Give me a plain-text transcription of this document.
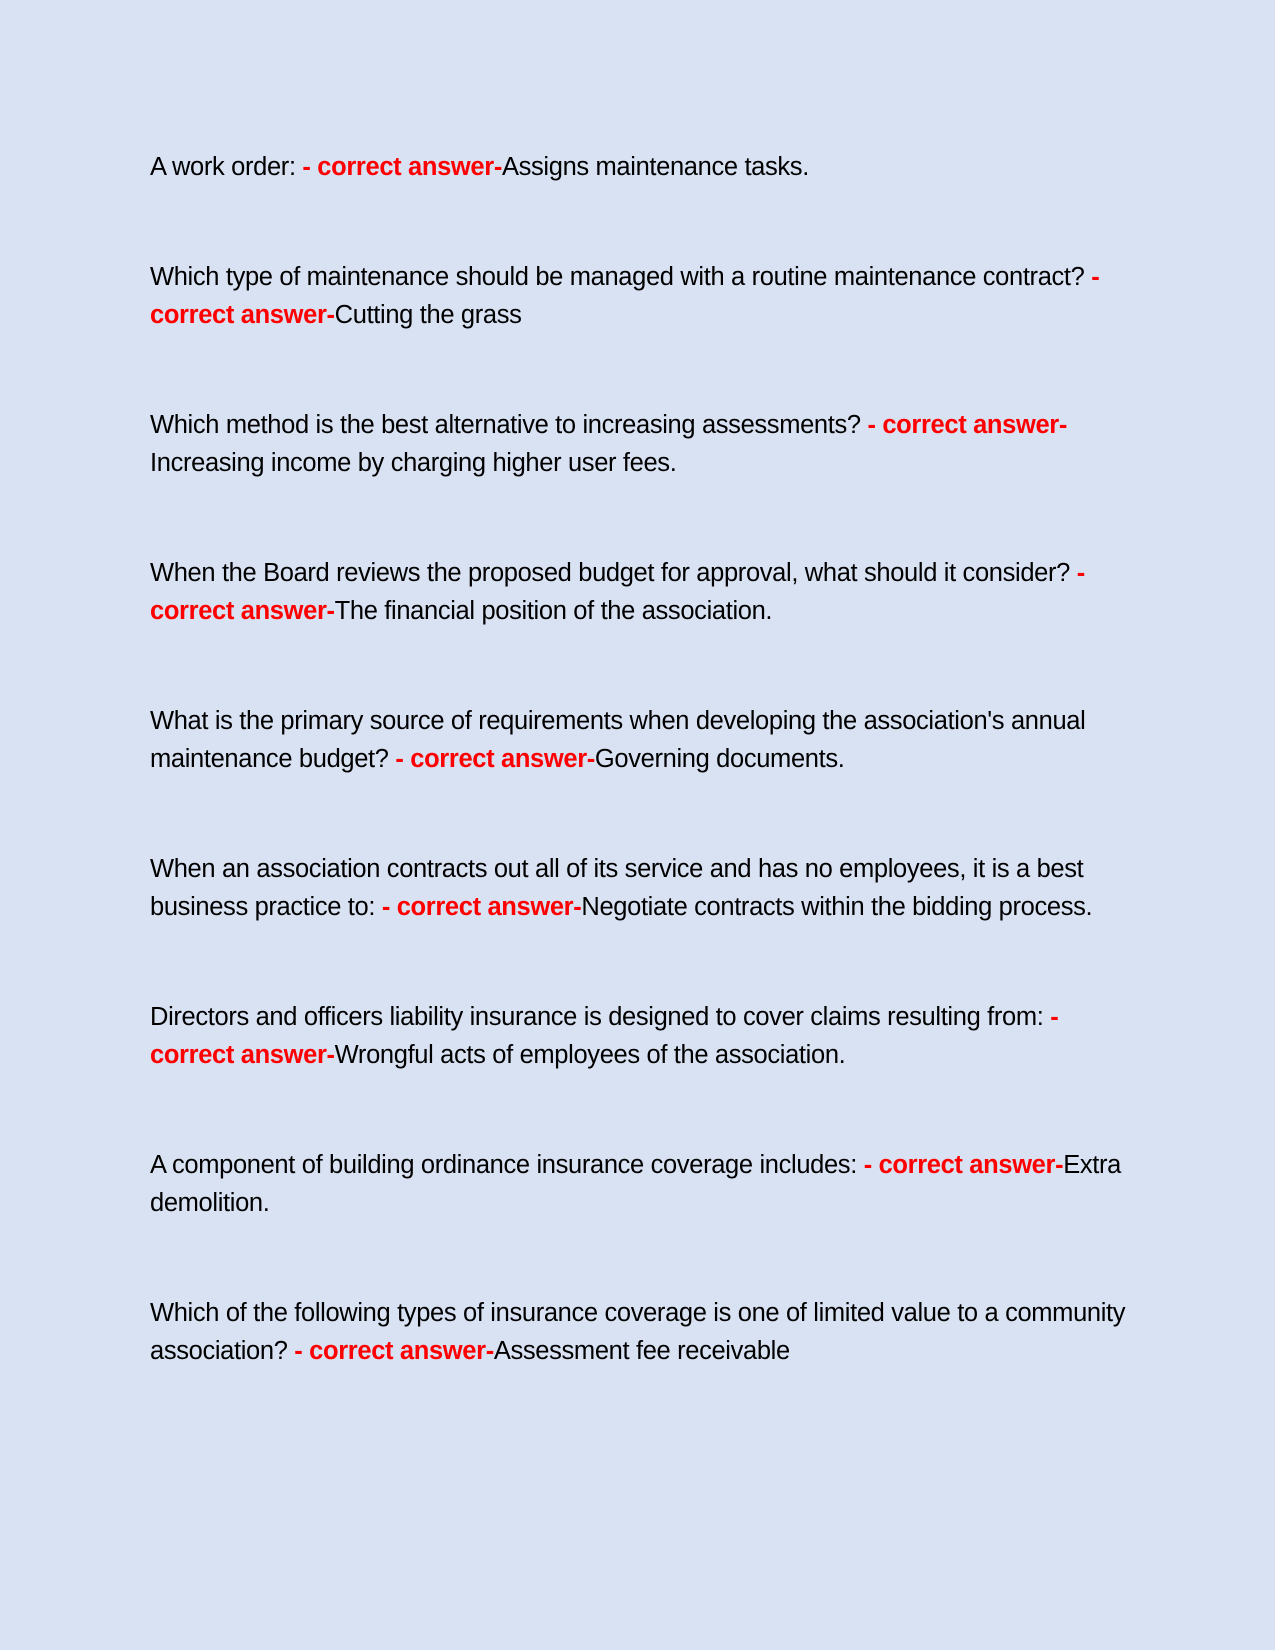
A work order: - correct answer-Assigns maintenance tasks.

Which type of maintenance should be managed with a routine maintenance contract? - correct answer-Cutting the grass

Which method is the best alternative to increasing assessments? - correct answer-Increasing income by charging higher user fees.

When the Board reviews the proposed budget for approval, what should it consider? - correct answer-The financial position of the association.

What is the primary source of requirements when developing the association's annual maintenance budget? - correct answer-Governing documents.

When an association contracts out all of its service and has no employees, it is a best business practice to: - correct answer-Negotiate contracts within the bidding process.

Directors and officers liability insurance is designed to cover claims resulting from: - correct answer-Wrongful acts of employees of the association.

A component of building ordinance insurance coverage includes: - correct answer-Extra demolition.

Which of the following types of insurance coverage is one of limited value to a community association? - correct answer-Assessment fee receivable
